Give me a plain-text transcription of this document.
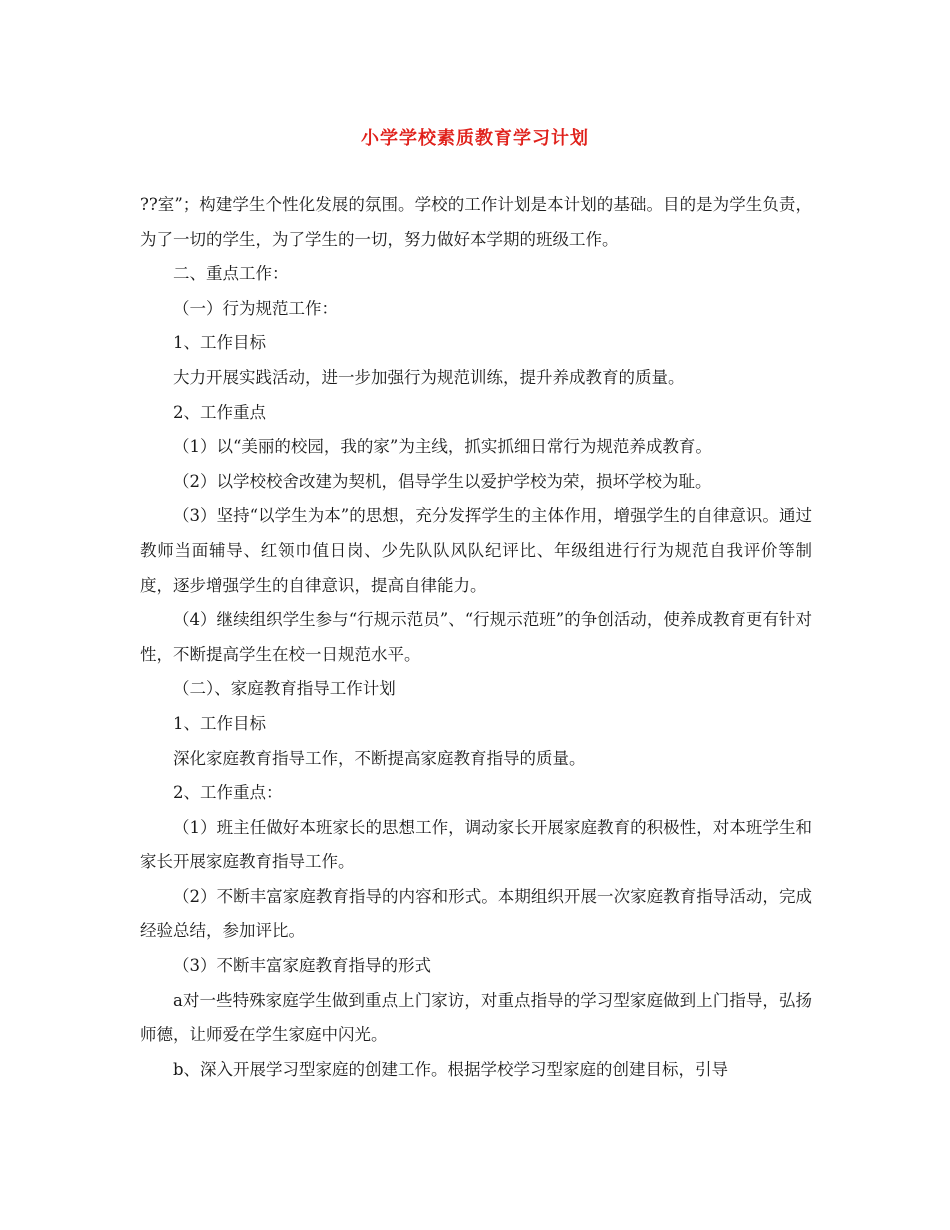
小学学校素质教育学习计划

??室”；构建学生个性化发展的氛围。学校的工作计划是本计划的基础。目的是为学生负责，为了一切的学生，为了学生的一切，努力做好本学期的班级工作。

二、重点工作：

（一）行为规范工作：

1、工作目标

大力开展实践活动，进一步加强行为规范训练，提升养成教育的质量。

2、工作重点

（1）以“美丽的校园，我的家”为主线，抓实抓细日常行为规范养成教育。

（2）以学校校舍改建为契机，倡导学生以爱护学校为荣，损坏学校为耻。

（3）坚持“以学生为本”的思想，充分发挥学生的主体作用，增强学生的自律意识。通过教师当面辅导、红领巾值日岗、少先队队风队纪评比、年级组进行行为规范自我评价等制度，逐步增强学生的自律意识，提高自律能力。

（4）继续组织学生参与“行规示范员”、“行规示范班”的争创活动，使养成教育更有针对性，不断提高学生在校一日规范水平。

（二）、家庭教育指导工作计划

1、工作目标

深化家庭教育指导工作，不断提高家庭教育指导的质量。

2、工作重点：

（1）班主任做好本班家长的思想工作，调动家长开展家庭教育的积极性，对本班学生和家长开展家庭教育指导工作。

（2）不断丰富家庭教育指导的内容和形式。本期组织开展一次家庭教育指导活动，完成经验总结，参加评比。

（3）不断丰富家庭教育指导的形式

a对一些特殊家庭学生做到重点上门家访，对重点指导的学习型家庭做到上门指导，弘扬师德，让师爱在学生家庭中闪光。

b、深入开展学习型家庭的创建工作。根据学校学习型家庭的创建目标，引导
